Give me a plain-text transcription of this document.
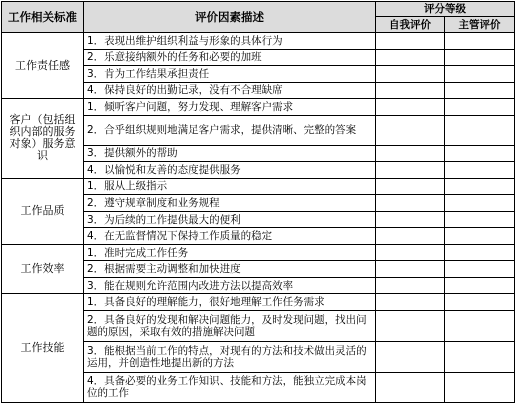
工作相关标准	评价因素描述	评分等级	
		自我评价	主管评价
工作责任感	1．表现出维护组织利益与形象的具体行为		
	2．乐意接纳额外的任务和必要的加班		
	3．肯为工作结果承担责任		
	4．保持良好的出勤记录，没有不合理缺席		
客户（包括组织内部的服务对象）服务意识	1．倾听客户问题，努力发现、理解客户需求		
	2．合乎组织规则地满足客户需求，提供清晰、完整的答案		
	3．提供额外的帮助		
	4．以愉悦和友善的态度提供服务		
工作品质	1．服从上级指示		
	2．遵守规章制度和业务规程		
	3．为后续的工作提供最大的便利		
	4．在无监督情况下保持工作质量的稳定		
工作效率	1．准时完成工作任务		
	2．根据需要主动调整和加快进度		
	3．能在规则允许范围内改进方法以提高效率		
工作技能	1．具备良好的理解能力，很好地理解工作任务需求		
	2．具备良好的发现和解决问题能力，及时发现问题，找出问题的原因，采取有效的措施解决问题		
	3．能根据当前工作的特点，对现有的方法和技术做出灵活的运用，并创造性地提出新的方法		
	4．具备必要的业务工作知识、技能和方法，能独立完成本岗位的工作		
